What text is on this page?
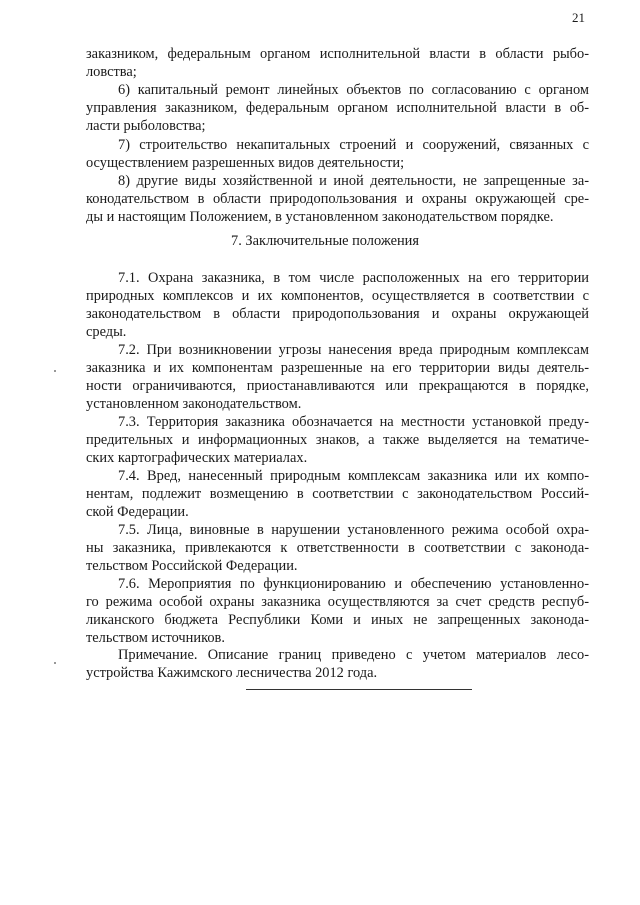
21
заказником, федеральным органом исполнительной власти в области рыбо-
ловства;
6) капитальный ремонт линейных объектов по согласованию с органом
управления заказником, федеральным органом исполнительной власти в об-
ласти рыболовства;
7) строительство некапитальных строений и сооружений, связанных с
осуществлением разрешенных видов деятельности;
8) другие виды хозяйственной и иной деятельности, не запрещенные за-
конодательством в области природопользования и охраны окружающей сре-
ды и настоящим Положением, в установленном законодательством порядке.
7. Заключительные положения
7.1. Охрана заказника, в том числе расположенных на его территории
природных комплексов и их компонентов, осуществляется в соответствии с
законодательством в области природопользования и охраны окружающей
среды.
7.2. При возникновении угрозы нанесения вреда природным комплексам
заказника и их компонентам разрешенные на его территории виды деятель-
ности ограничиваются, приостанавливаются или прекращаются в порядке,
установленном законодательством.
7.3. Территория заказника обозначается на местности установкой преду-
предительных и информационных знаков, а также выделяется на тематиче-
ских картографических материалах.
7.4. Вред, нанесенный природным комплексам заказника или их компо-
нентам, подлежит возмещению в соответствии с законодательством Россий-
ской Федерации.
7.5. Лица, виновные в нарушении установленного режима особой охра-
ны заказника, привлекаются к ответственности в соответствии с законода-
тельством Российской Федерации.
7.6. Мероприятия по функционированию и обеспечению установленно-
го режима особой охраны заказника осуществляются за счет средств респуб-
ликанского бюджета Республики Коми и иных не запрещенных законода-
тельством источников.
Примечание. Описание границ приведено с учетом материалов лесо-
устройства Кажимского лесничества 2012 года.
